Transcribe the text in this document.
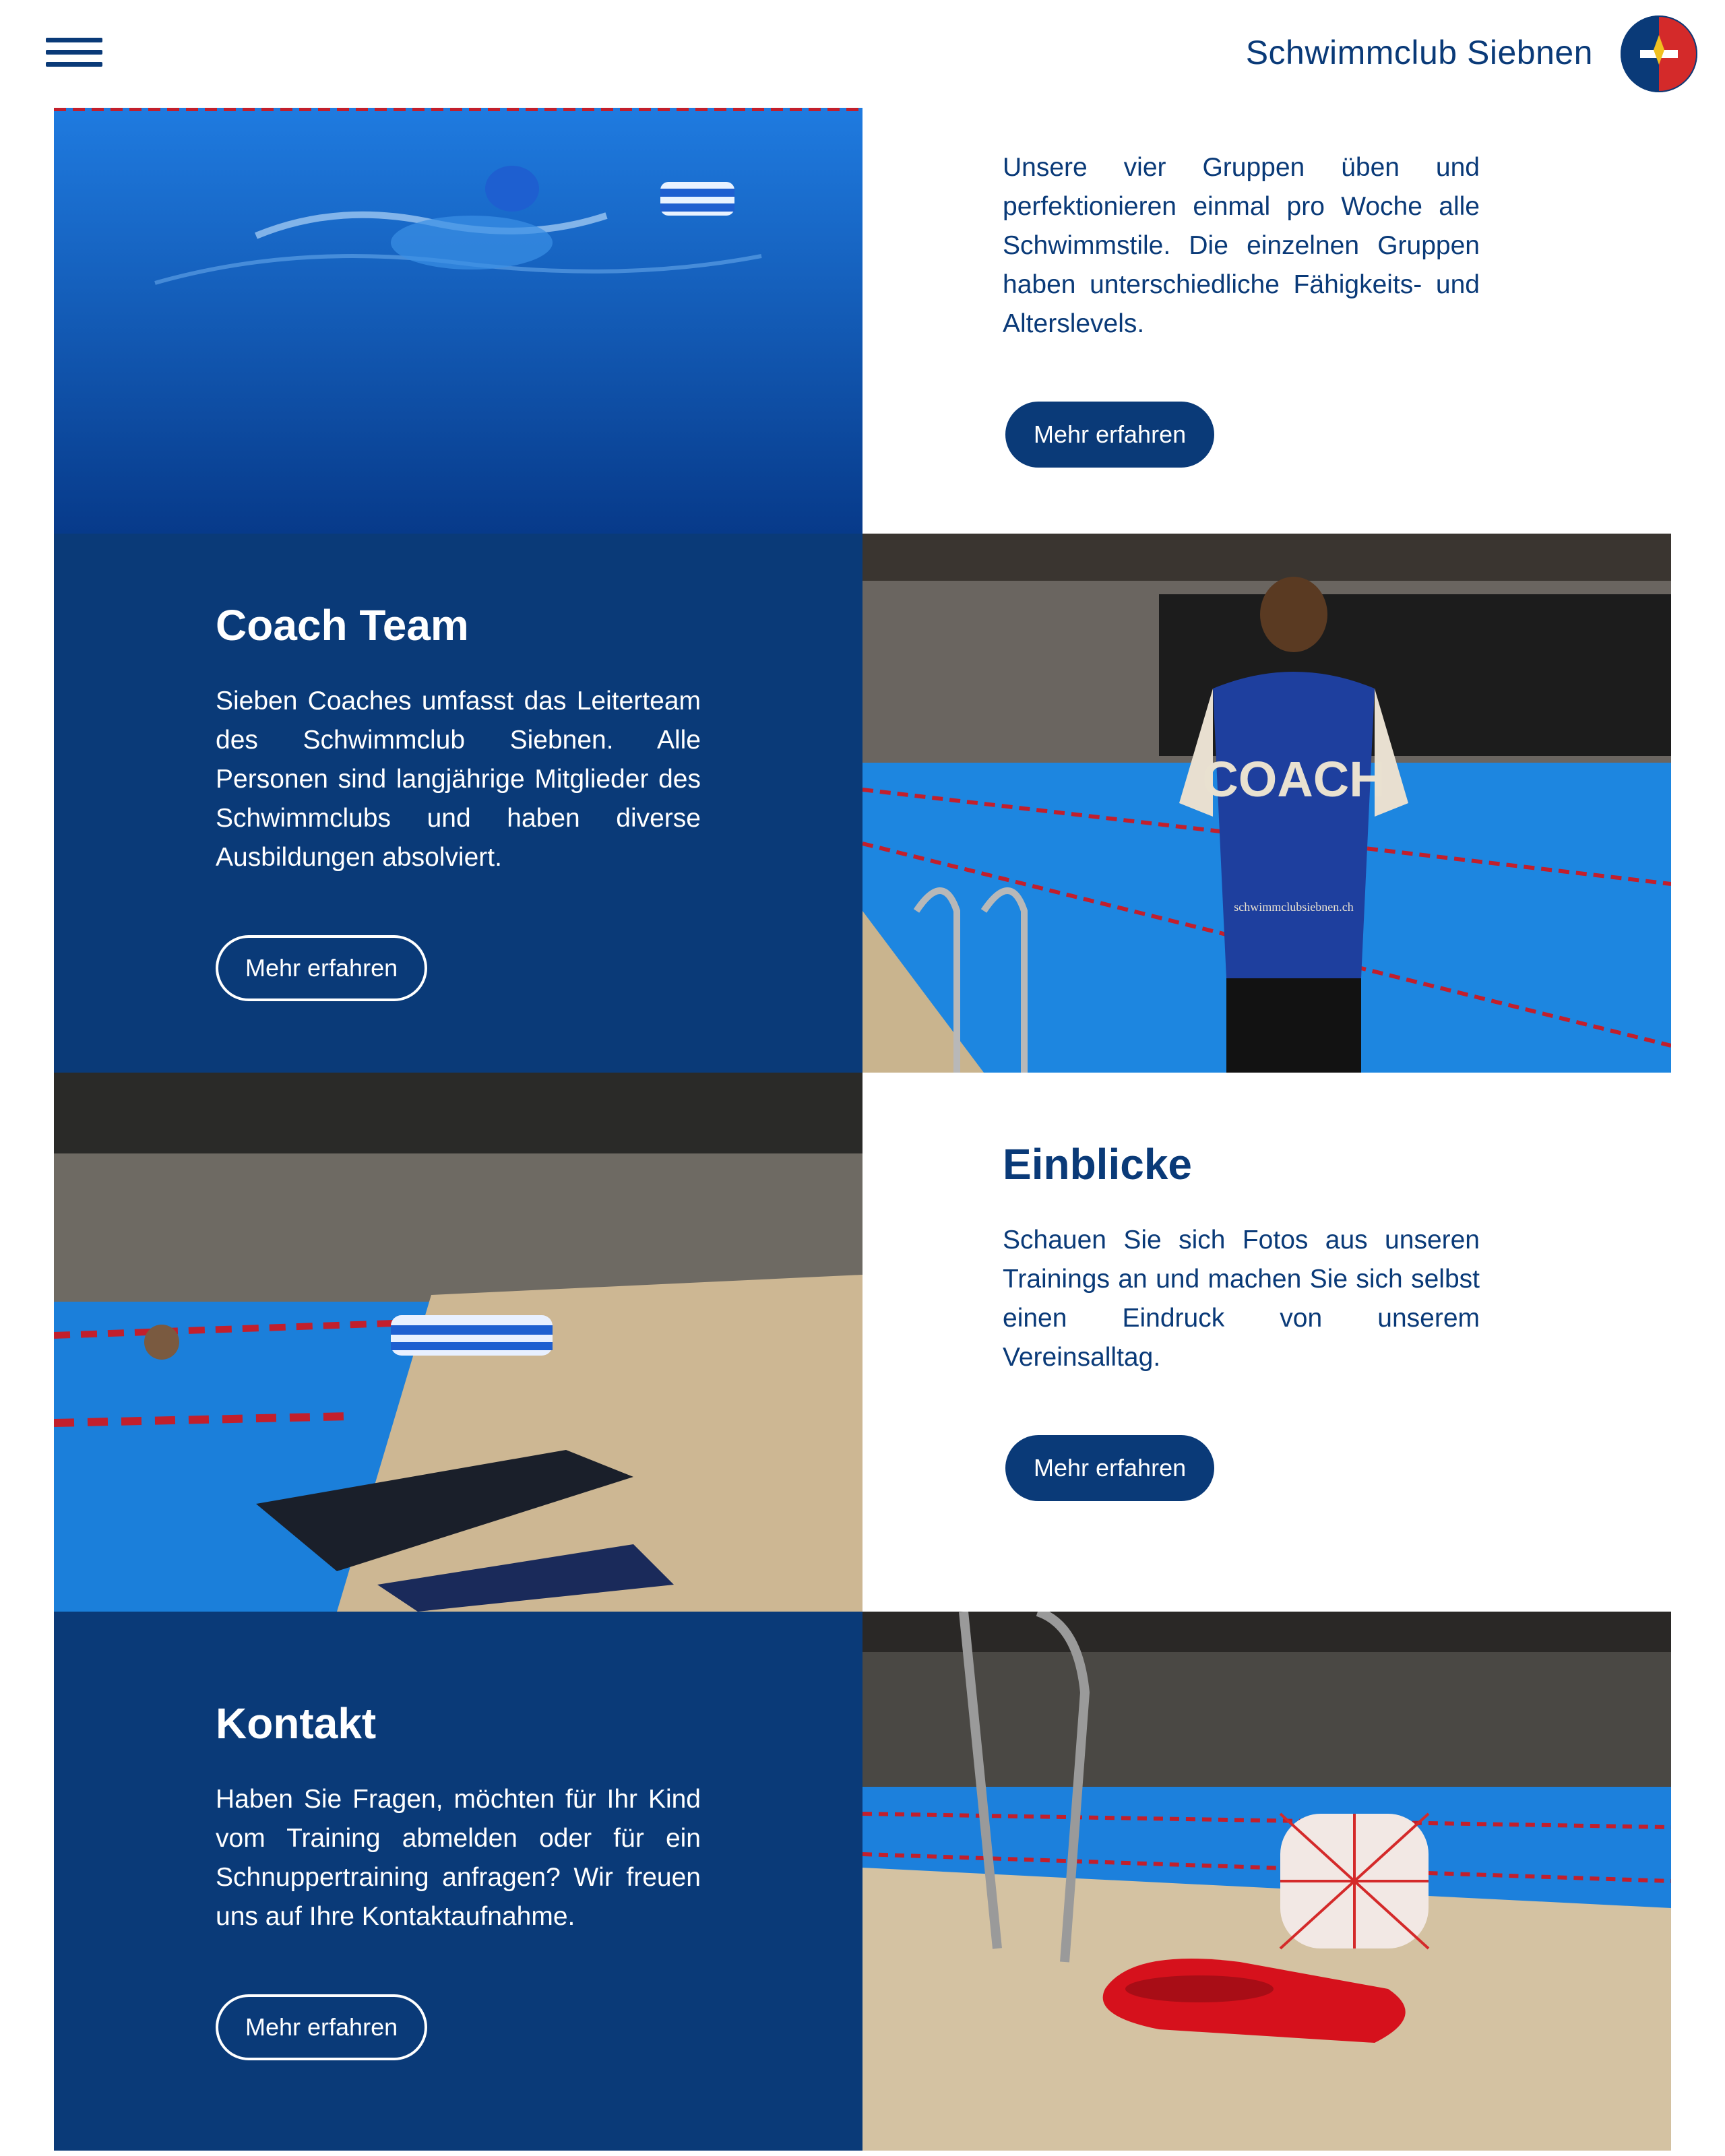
Schwimmclub Siebnen

Unsere vier Gruppen üben und perfektionieren einmal pro Woche alle Schwimmstile. Die einzelnen Gruppen haben unterschiedliche Fähigkeits- und Alterslevels.

Mehr erfahren
Coach Team

Sieben Coaches umfasst das Leiterteam des Schwimmclub Siebnen. Alle Personen sind langjährige Mitglieder des Schwimmclubs und haben diverse Ausbildungen absolviert.

Mehr erfahren
COACH
schwimmclubsiebnen.ch
Einblicke

Schauen Sie sich Fotos aus unseren Trainings an und machen Sie sich selbst einen Eindruck von unserem Vereinsalltag.

Mehr erfahren
Kontakt

Haben Sie Fragen, möchten für Ihr Kind vom Training abmelden oder für ein Schnuppertraining anfragen? Wir freuen uns auf Ihre Kontaktaufnahme.

Mehr erfahren
